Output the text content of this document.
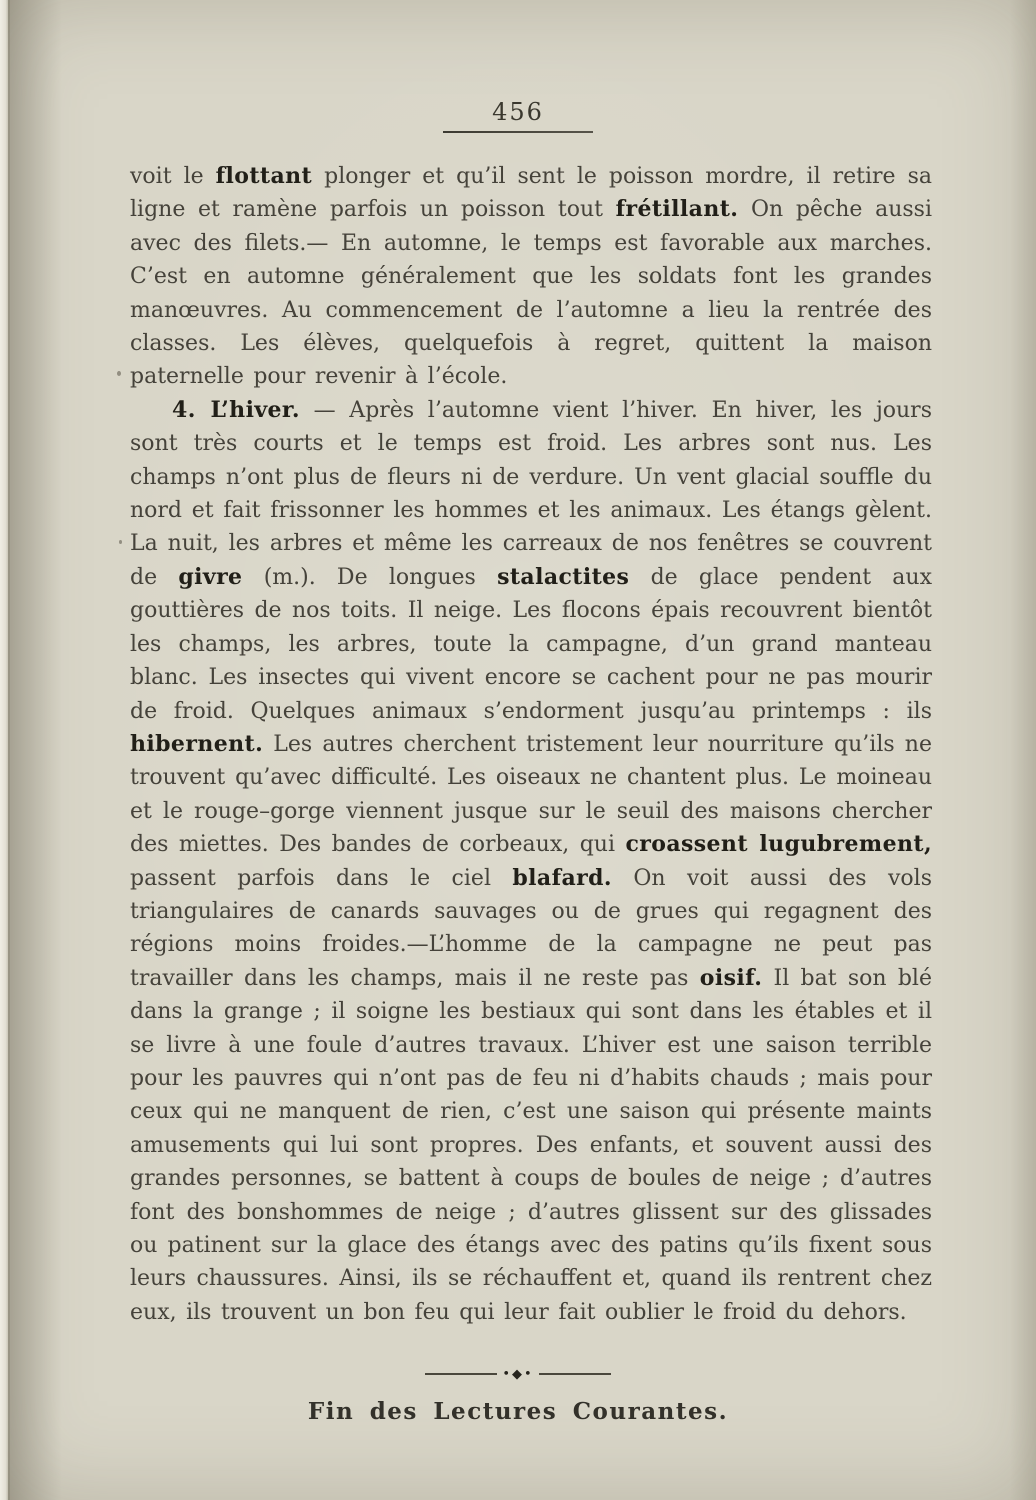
456

voit le flottant plonger et qu’il sent le poisson mordre, il retire sa ligne et ramène parfois un poisson tout frétillant. On pêche aussi avec des filets.— En automne, le temps est favorable aux marches. C’est en automne généralement que les soldats font les grandes manœuvres. Au commencement de l’automne a lieu la rentrée des classes. Les élèves, quelquefois à regret, quittent la maison paternelle pour revenir à l’école.

4. L’hiver. — Après l’automne vient l’hiver. En hiver, les jours sont très courts et le temps est froid. Les arbres sont nus. Les champs n’ont plus de fleurs ni de verdure. Un vent glacial souffle du nord et fait frissonner les hommes et les animaux. Les étangs gèlent. La nuit, les arbres et même les carreaux de nos fenêtres se couvrent de givre (m.). De longues stalactites de glace pendent aux gouttières de nos toits. Il neige. Les flocons épais recouvrent bientôt les champs, les arbres, toute la campagne, d’un grand manteau blanc. Les insectes qui vivent encore se cachent pour ne pas mourir de froid. Quelques animaux s’endorment jusqu’au printemps : ils hibernent. Les autres cherchent tristement leur nourriture qu’ils ne trouvent qu’avec difficulté. Les oiseaux ne chantent plus. Le moineau et le rouge–gorge viennent jusque sur le seuil des maisons chercher des miettes. Des bandes de corbeaux, qui croassent lugubrement, passent parfois dans le ciel blafard. On voit aussi des vols triangulaires de canards sauvages ou de grues qui regagnent des régions moins froides.—L’homme de la campagne ne peut pas travailler dans les champs, mais il ne reste pas oisif. Il bat son blé dans la grange ; il soigne les bestiaux qui sont dans les étables et il se livre à une foule d’autres travaux. L’hiver est une saison terrible pour les pauvres qui n’ont pas de feu ni d’habits chauds ; mais pour ceux qui ne manquent de rien, c’est une saison qui présente maints amusements qui lui sont propres. Des enfants, et souvent aussi des grandes personnes, se battent à coups de boules de neige ; d’autres font des bonshommes de neige ; d’autres glissent sur des glissades ou patinent sur la glace des étangs avec des patins qu’ils fixent sous leurs chaussures. Ainsi, ils se réchauffent et, quand ils rentrent chez eux, ils trouvent un bon feu qui leur fait oublier le froid du dehors.

•◆•
Fin des Lectures Courantes.
